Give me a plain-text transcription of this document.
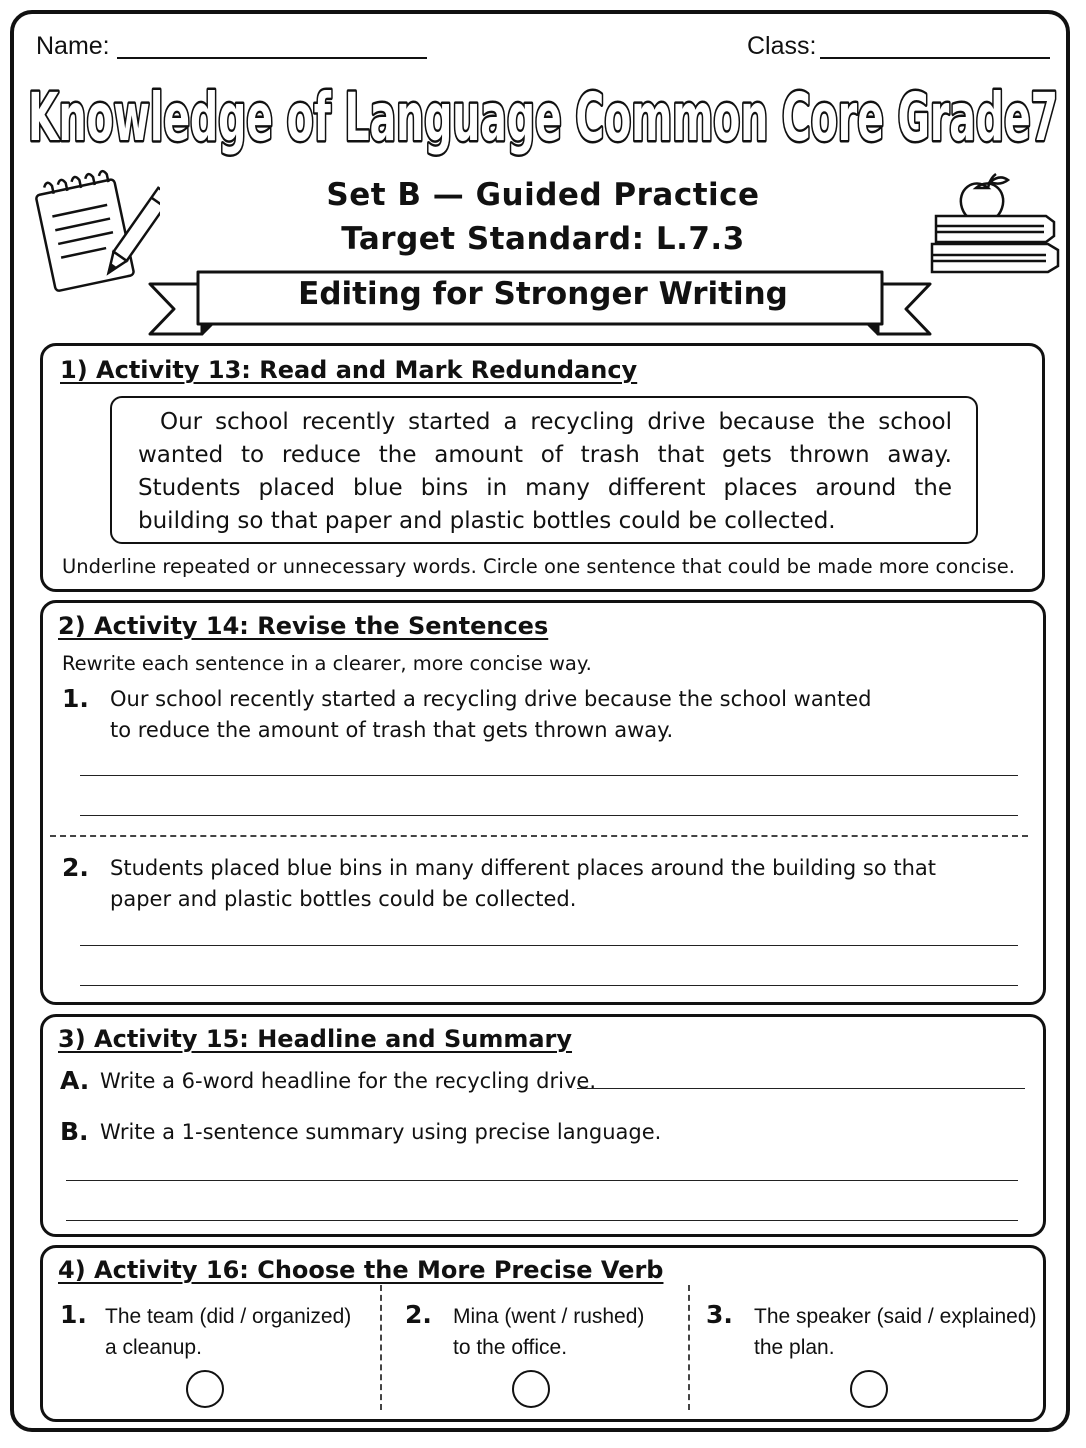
Name:	Class:
Knowledge of Language Common Core Grade7
Set B — Guided Practice
Target Standard: L.7.3
Editing for Stronger Writing
1) Activity 13: Read and Mark Redundancy
Our school recently started a recycling drive because the school wanted to reduce the amount of trash that gets thrown away. Students placed blue bins in many different places around the building so that paper and plastic bottles could be collected.
Underline repeated or unnecessary words. Circle one sentence that could be made more concise.
2) Activity 14: Revise the Sentences
Rewrite each sentence in a clearer, more concise way.
1. Our school recently started a recycling drive because the school wanted
to reduce the amount of trash that gets thrown away.
2. Students placed blue bins in many different places around the building so that
paper and plastic bottles could be collected.
3) Activity 15: Headline and Summary
A. Write a 6-word headline for the recycling drive.
B. Write a 1-sentence summary using precise language.
4) Activity 16: Choose the More Precise Verb
1. The team (did / organized)
a cleanup.
2. Mina (went / rushed)
to the office.
3. The speaker (said / explained)
the plan.
